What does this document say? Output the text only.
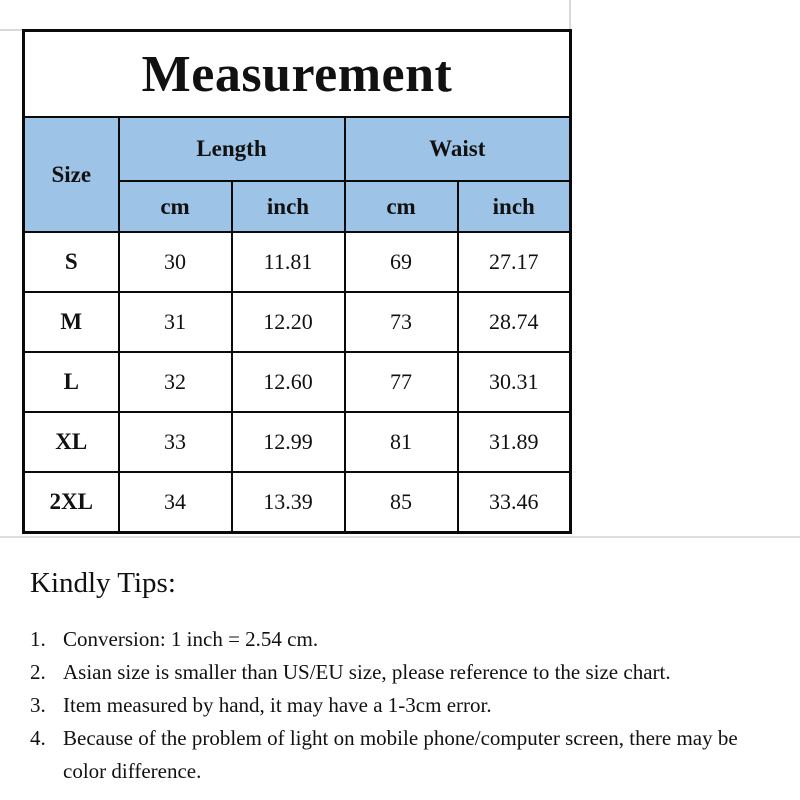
Measurement				
Size	Length		Waist	
	cm	inch	cm	inch
S	30	11.81	69	27.17
M	31	12.20	73	28.74
L	32	12.60	77	30.31
XL	33	12.99	81	31.89
2XL	34	13.39	85	33.46
Kindly Tips:
1. Conversion: 1 inch = 2.54 cm.
2. Asian size is smaller than US/EU size, please reference to the size chart.
3. Item measured by hand, it may have a 1-3cm error.
4. Because of the problem of light on mobile phone/computer screen, there may be color difference.
